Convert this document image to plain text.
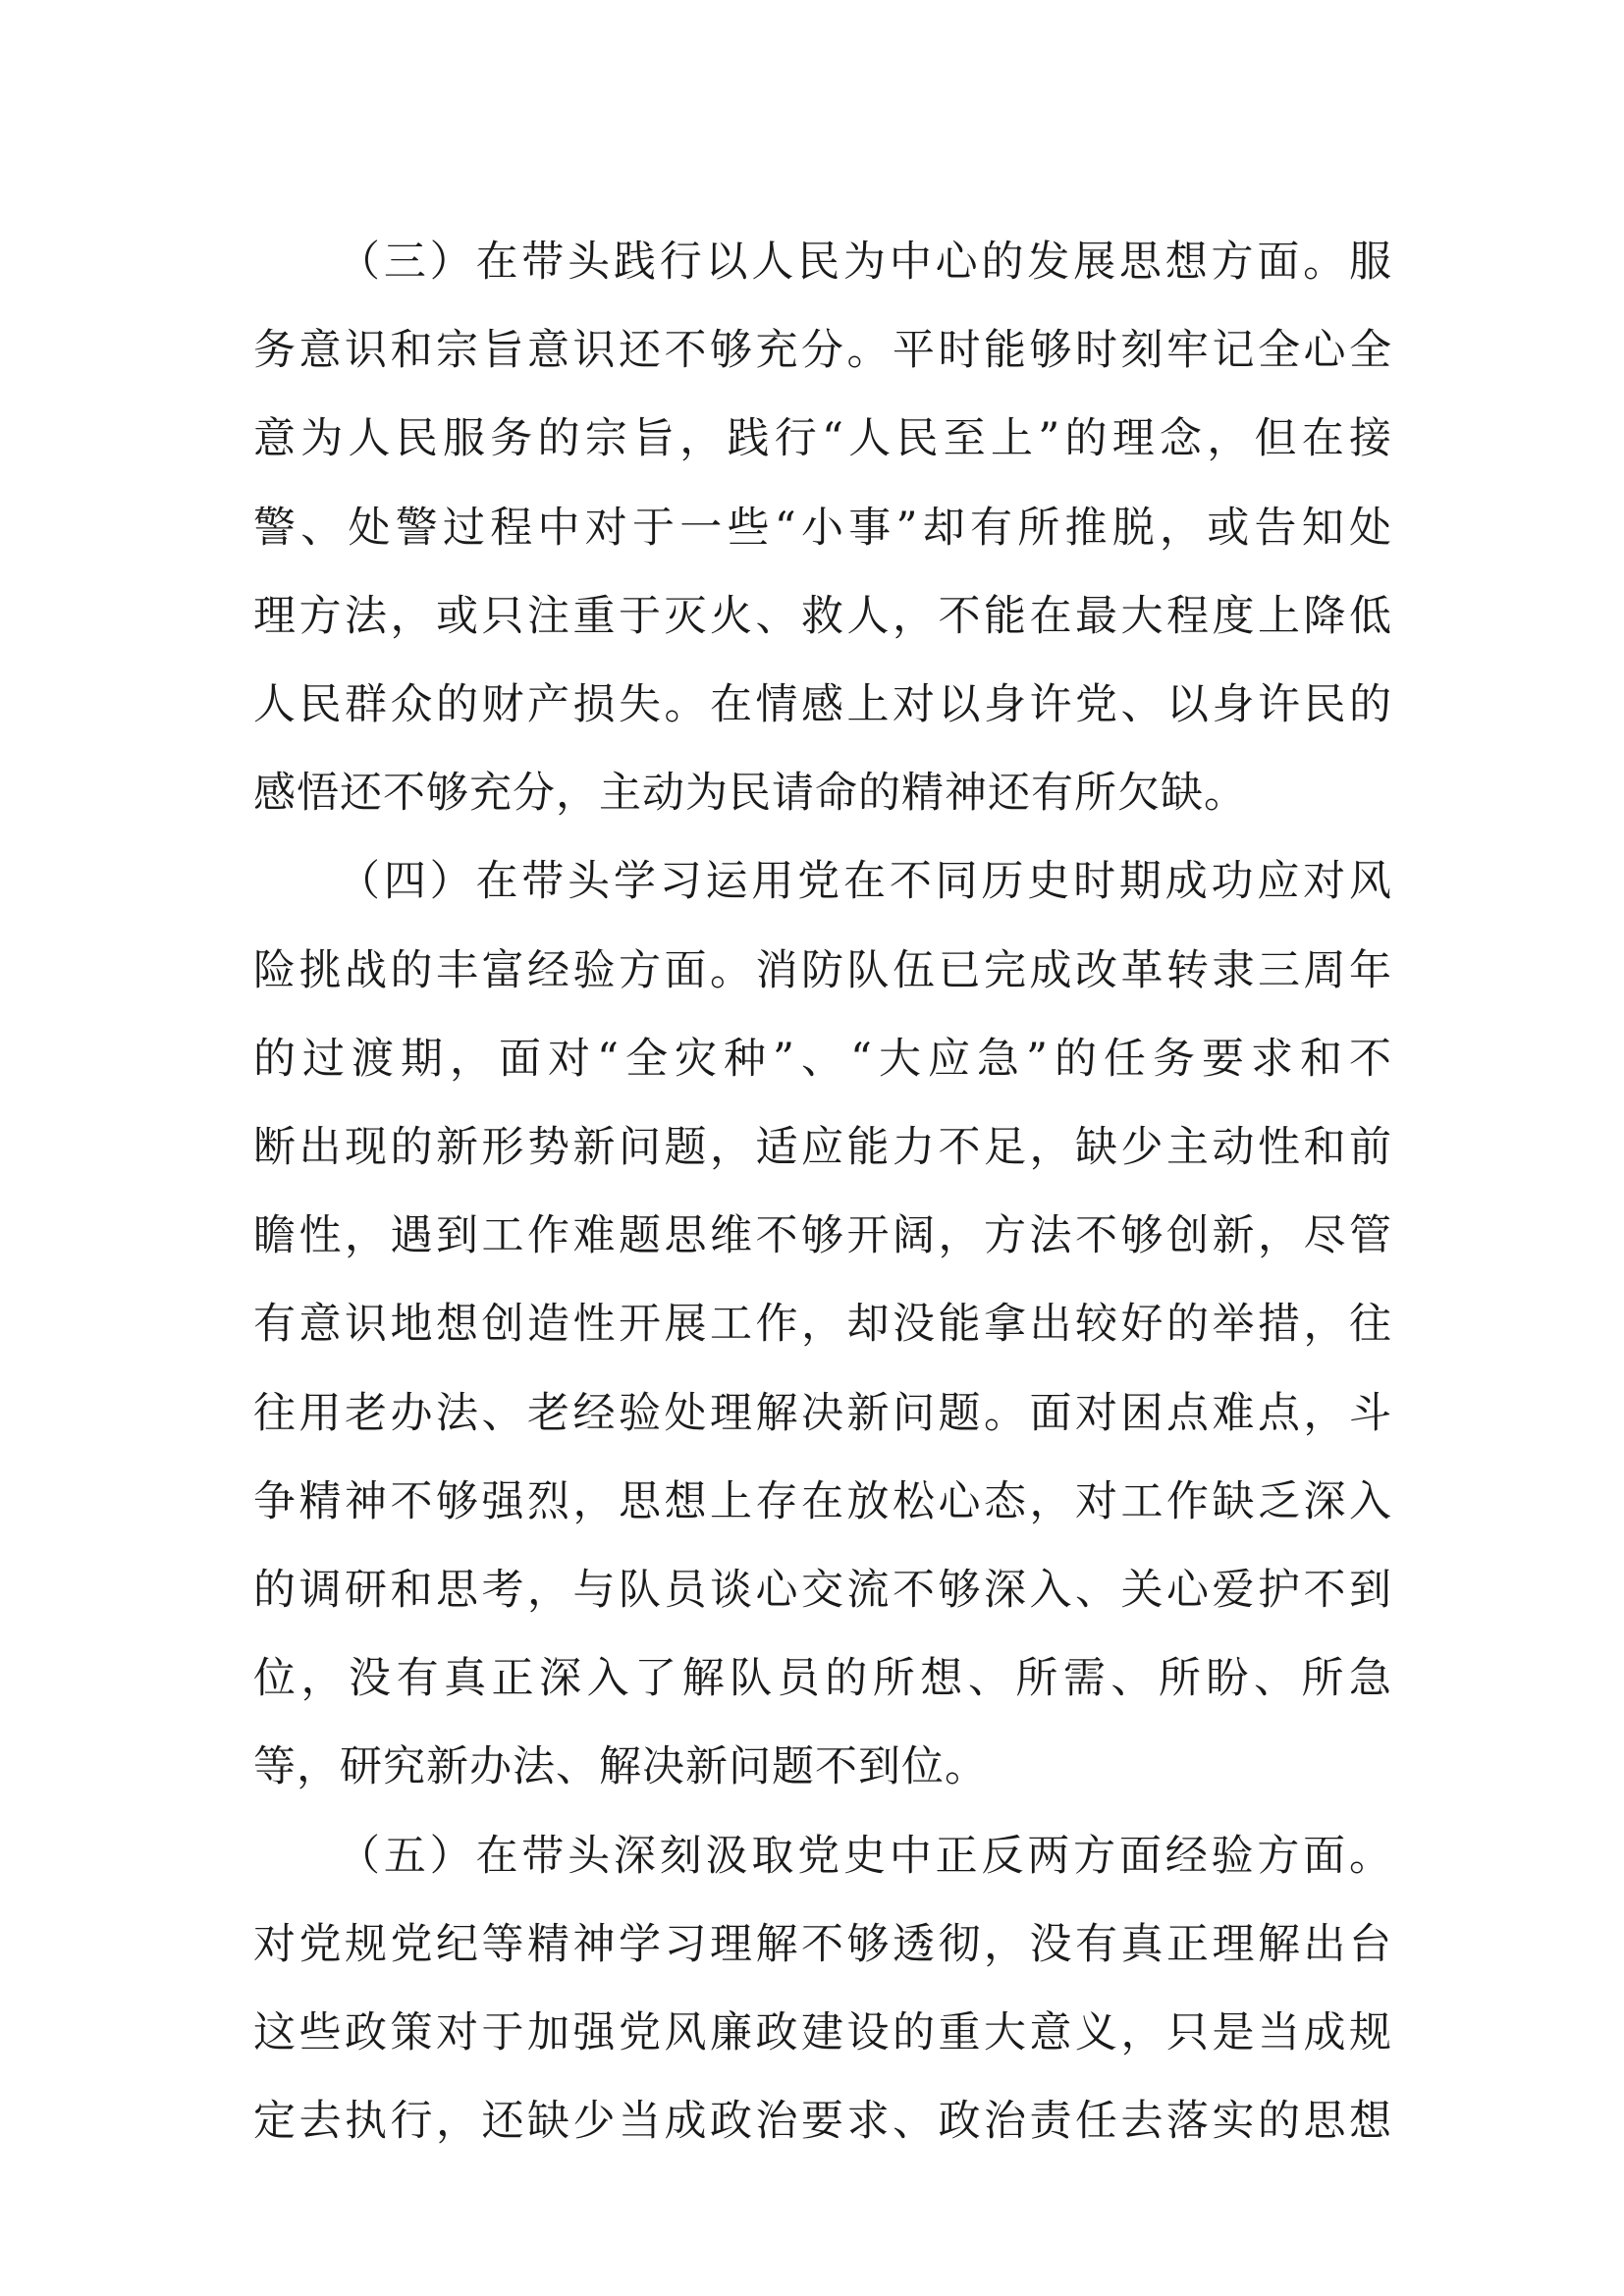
（三）在带头践行以人民为中心的发展思想方面。服
务意识和宗旨意识还不够充分。平时能够时刻牢记全心全
意为人民服务的宗旨，践行“人民至上”的理念，但在接
警、处警过程中对于一些“小事”却有所推脱，或告知处
理方法，或只注重于灭火、救人，不能在最大程度上降低
人民群众的财产损失。在情感上对以身许党、以身许民的
感悟还不够充分，主动为民请命的精神还有所欠缺。

（四）在带头学习运用党在不同历史时期成功应对风
险挑战的丰富经验方面。消防队伍已完成改革转隶三周年
的过渡期，面对“全灾种”、“大应急”的任务要求和不
断出现的新形势新问题，适应能力不足，缺少主动性和前
瞻性，遇到工作难题思维不够开阔，方法不够创新，尽管
有意识地想创造性开展工作，却没能拿出较好的举措，往
往用老办法、老经验处理解决新问题。面对困点难点，斗
争精神不够强烈，思想上存在放松心态，对工作缺乏深入
的调研和思考，与队员谈心交流不够深入、关心爱护不到
位，没有真正深入了解队员的所想、所需、所盼、所急
等，研究新办法、解决新问题不到位。

（五）在带头深刻汲取党史中正反两方面经验方面。
对党规党纪等精神学习理解不够透彻，没有真正理解出台
这些政策对于加强党风廉政建设的重大意义，只是当成规
定去执行，还缺少当成政治要求、政治责任去落实的思想
